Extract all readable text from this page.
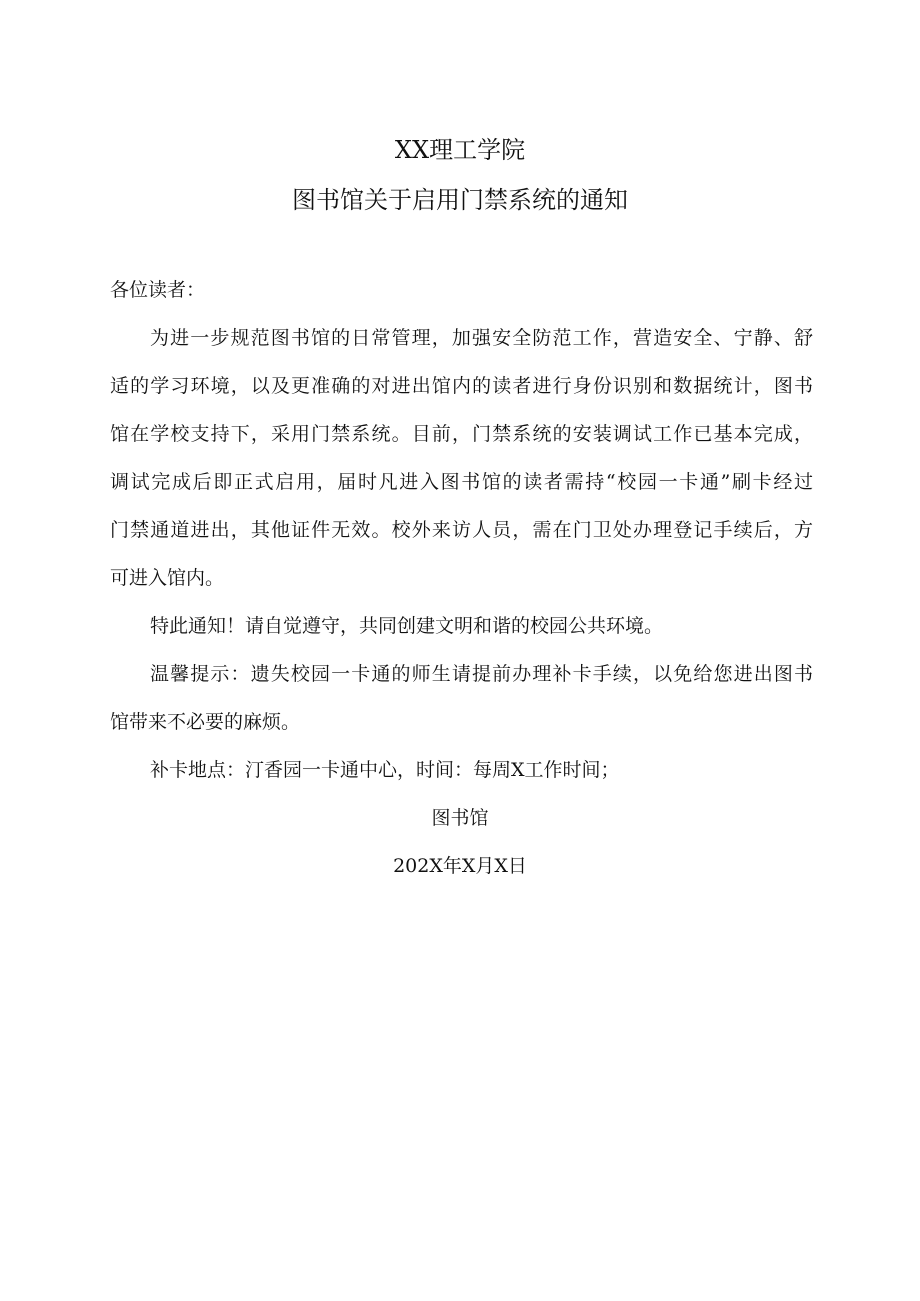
XX理工学院
图书馆关于启用门禁系统的通知
各位读者：
为进一步规范图书馆的日常管理，加强安全防范工作，营造安全、宁静、舒
适的学习环境，以及更准确的对进出馆内的读者进行身份识别和数据统计，图书
馆在学校支持下，采用门禁系统。目前，门禁系统的安装调试工作已基本完成，
调试完成后即正式启用，届时凡进入图书馆的读者需持“校园一卡通”刷卡经过
门禁通道进出，其他证件无效。校外来访人员，需在门卫处办理登记手续后，方
可进入馆内。
特此通知！请自觉遵守，共同创建文明和谐的校园公共环境。
温馨提示：遗失校园一卡通的师生请提前办理补卡手续，以免给您进出图书
馆带来不必要的麻烦。
补卡地点：汀香园一卡通中心，时间：每周X工作时间；
图书馆
202X年X月X日
